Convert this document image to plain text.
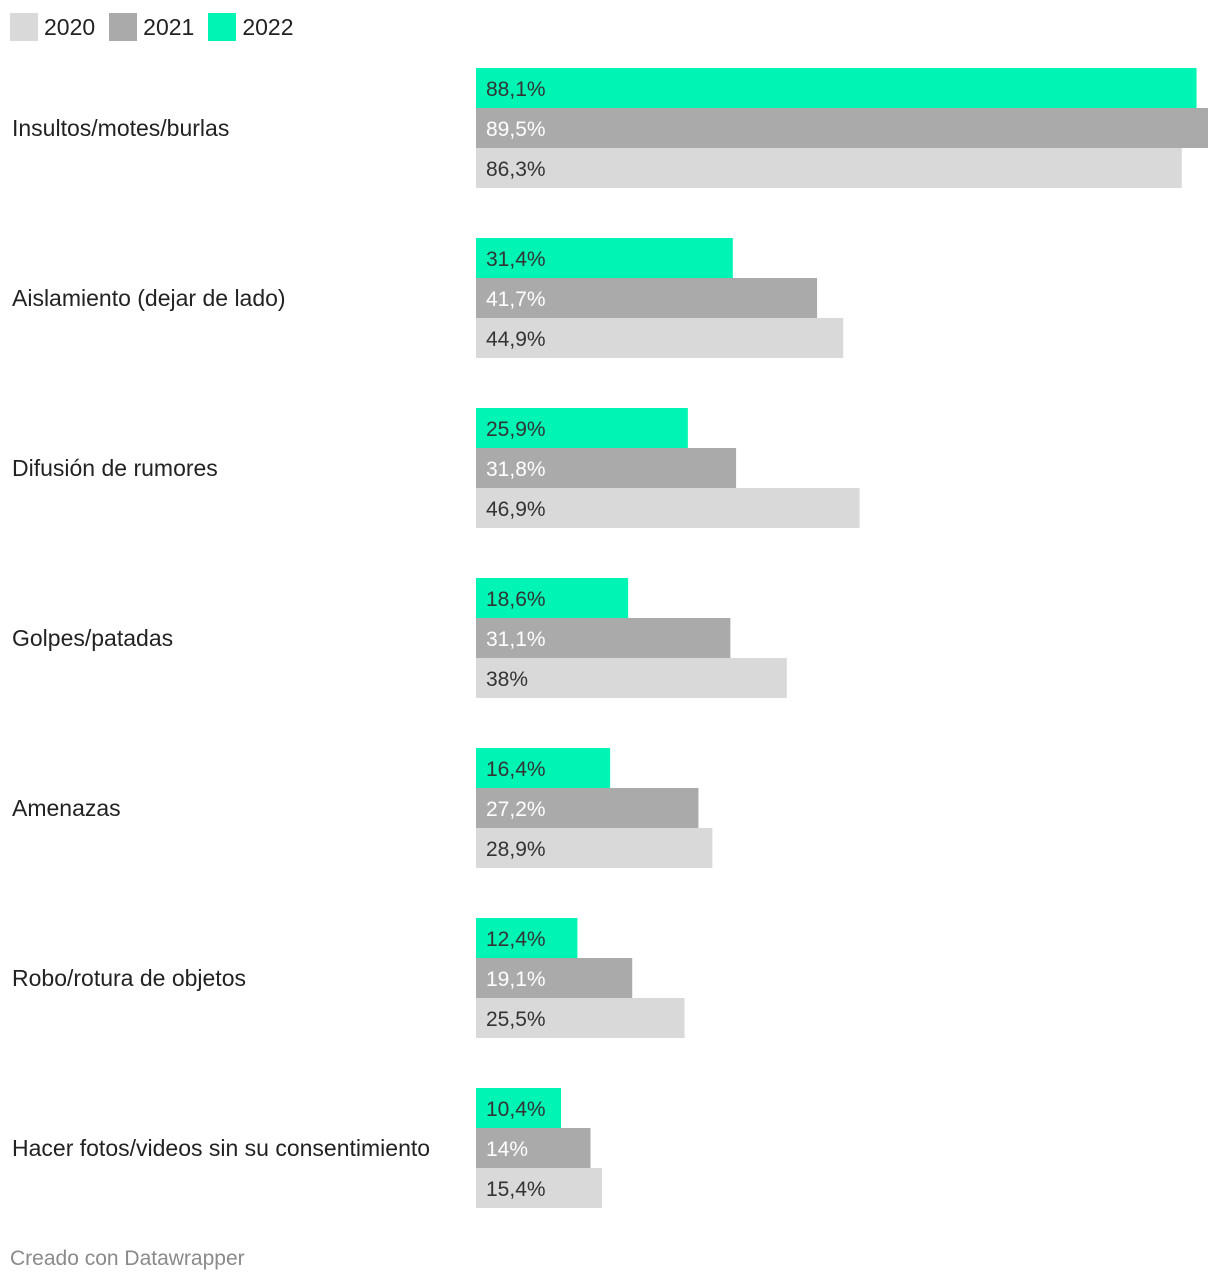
2020 2021 2022
Insultos/motes/burlas
88,1%
89,5%
86,3%
Aislamiento (dejar de lado)
31,4%
41,7%
44,9%
Difusión de rumores
25,9%
31,8%
46,9%
Golpes/patadas
18,6%
31,1%
38%
Amenazas
16,4%
27,2%
28,9%
Robo/rotura de objetos
12,4%
19,1%
25,5%
Hacer fotos/videos sin su consentimiento
10,4%
14%
15,4%
Creado con Datawrapper
